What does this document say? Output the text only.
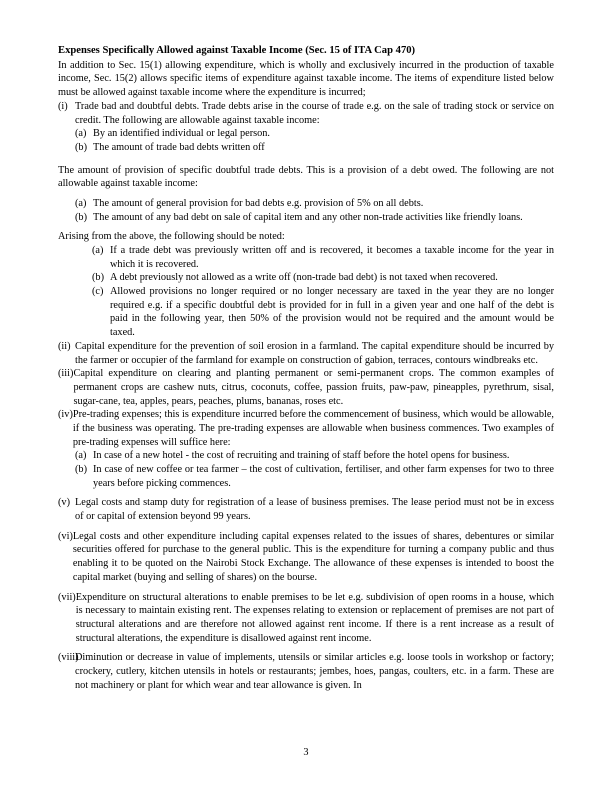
Expenses Specifically Allowed against Taxable Income (Sec. 15 of ITA Cap 470)

In addition to Sec. 15(1) allowing expenditure, which is wholly and exclusively incurred in the production of taxable income, Sec. 15(2) allows specific items of expenditure against taxable income. The items of expenditure listed below must be allowed against taxable income where the expenditure is incurred;

(i) Trade bad and doubtful debts. Trade debts arise in the course of trade e.g. on the sale of trading stock or service on credit. The following are allowable against taxable income:
(a) By an identified individual or legal person.
(b) The amount of trade bad debts written off

The amount of provision of specific doubtful trade debts. This is a provision of a debt owed. The following are not allowable against taxable income:

(a) The amount of general provision for bad debts e.g. provision of 5% on all debts.
(b) The amount of any bad debt on sale of capital item and any other non-trade activities like friendly loans.

Arising from the above, the following should be noted:

(a) If a trade debt was previously written off and is recovered, it becomes a taxable income for the year in which it is recovered.
(b) A debt previously not allowed as a write off (non-trade bad debt) is not taxed when recovered.
(c) Allowed provisions no longer required or no longer necessary are taxed in the year they are no longer required e.g. if a specific doubtful debt is provided for in full in a given year and one half of the debt is paid in the following year, then 50% of the provision would not be required and the amount would be taxed.
(ii) Capital expenditure for the prevention of soil erosion in a farmland. The capital expenditure should be incurred by the farmer or occupier of the farmland for example on construction of gabion, terraces, contours windbreaks etc.
(iii) Capital expenditure on clearing and planting permanent or semi-permanent crops. The common examples of permanent crops are cashew nuts, citrus, coconuts, coffee, passion fruits, paw-paw, pineapples, pyrethrum, sisal, sugar-cane, tea, apples, pears, peaches, plums, bananas, roses etc.
(iv) Pre-trading expenses; this is expenditure incurred before the commencement of business, which would be allowable, if the business was operating. The pre-trading expenses are allowable when business commences. Two examples of pre-trading expenses will suffice here:
(a) In case of a new hotel - the cost of recruiting and training of staff before the hotel opens for business.
(b) In case of new coffee or tea farmer – the cost of cultivation, fertiliser, and other farm expenses for two to three years before picking commences.
(v) Legal costs and stamp duty for registration of a lease of business premises. The lease period must not be in excess of or capital of extension beyond 99 years.
(vi) Legal costs and other expenditure including capital expenses related to the issues of shares, debentures or similar securities offered for purchase to the general public. This is the expenditure for turning a company public and thus enabling it to be quoted on the Nairobi Stock Exchange. The allowance of these expenses is intended to boost the capital market (buying and selling of shares) on the bourse.
(vii) Expenditure on structural alterations to enable premises to be let e.g. subdivision of open rooms in a house, which is necessary to maintain existing rent. The expenses relating to extension or replacement of premises are not part of structural alterations and are therefore not allowed against rent income. If there is a rent increase as a result of structural alterations, the expenditure is disallowed against rent income.
(viii)
Diminution or decrease in value of implements, utensils or similar articles e.g. loose tools in workshop or factory; crockery, cutlery, kitchen utensils in hotels or restaurants; jembes, hoes, pangas, coulters, etc. in a farm. These are not machinery or plant for which wear and tear allowance is given. In
3
